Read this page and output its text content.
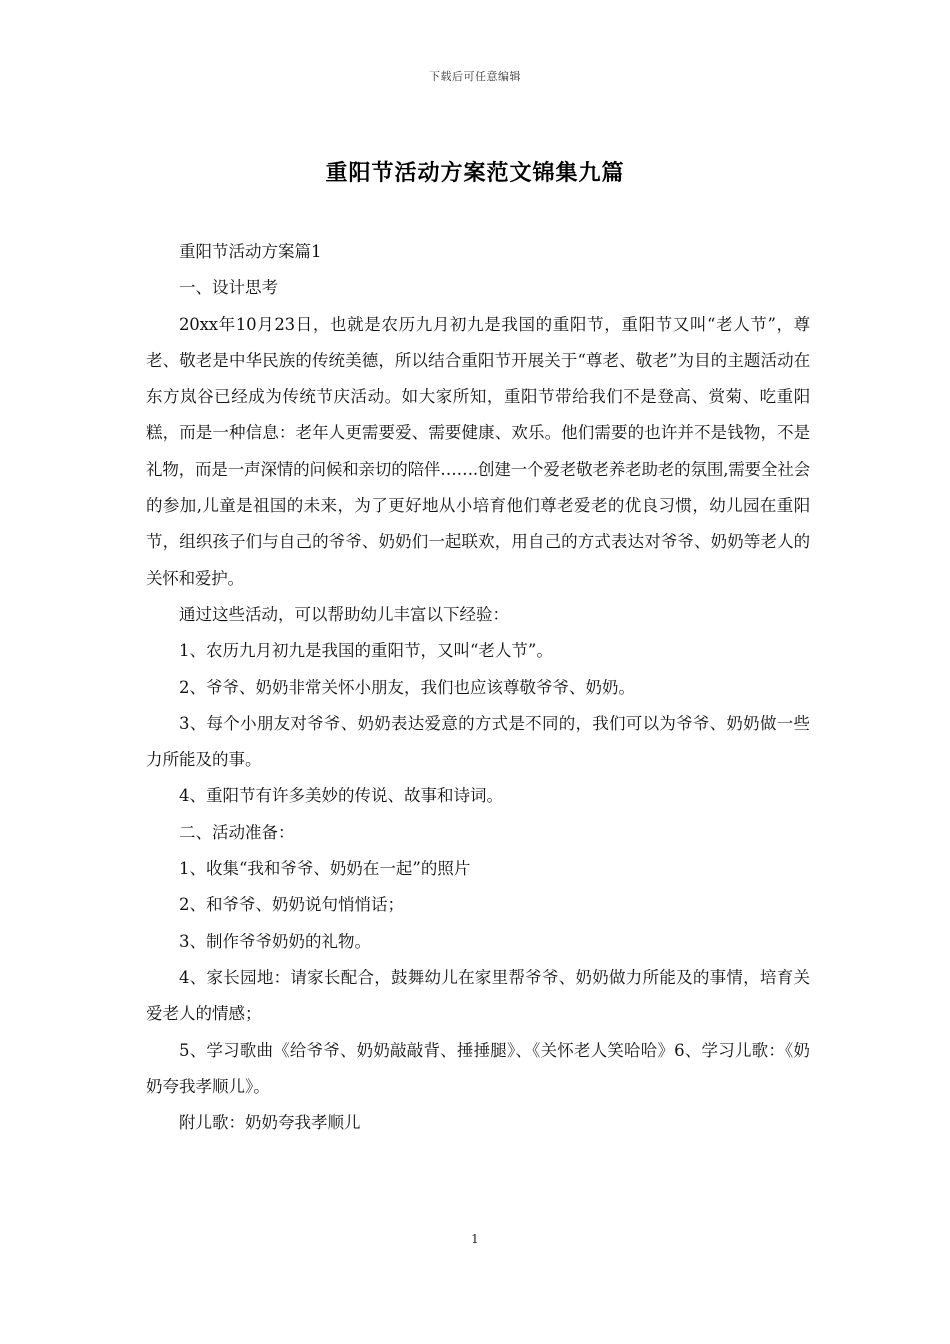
下载后可任意编辑
重阳节活动方案范文锦集九篇

重阳节活动方案篇1

一、设计思考

20xx年10月23日，也就是农历九月初九是我国的重阳节，重阳节又叫“老人节”，尊老、敬老是中华民族的传统美德，所以结合重阳节开展关于“尊老、敬老”为目的主题活动在东方岚谷已经成为传统节庆活动。如大家所知，重阳节带给我们不是登高、赏菊、吃重阳糕，而是一种信息：老年人更需要爱、需要健康、欢乐。他们需要的也许并不是钱物，不是礼物，而是一声深情的问候和亲切的陪伴…….创建一个爱老敬老养老助老的氛围,需要全社会的参加,儿童是祖国的未来，为了更好地从小培育他们尊老爱老的优良习惯，幼儿园在重阳节，组织孩子们与自己的爷爷、奶奶们一起联欢，用自己的方式表达对爷爷、奶奶等老人的关怀和爱护。

通过这些活动，可以帮助幼儿丰富以下经验：

1、农历九月初九是我国的重阳节，又叫“老人节”。

2、爷爷、奶奶非常关怀小朋友，我们也应该尊敬爷爷、奶奶。

3、每个小朋友对爷爷、奶奶表达爱意的方式是不同的，我们可以为爷爷、奶奶做一些力所能及的事。

4、重阳节有许多美妙的传说、故事和诗词。

二、活动准备：

1、收集“我和爷爷、奶奶在一起”的照片

2、和爷爷、奶奶说句悄悄话；

3、制作爷爷奶奶的礼物。

4、家长园地：请家长配合，鼓舞幼儿在家里帮爷爷、奶奶做力所能及的事情，培育关爱老人的情感；

5、学习歌曲《给爷爷、奶奶敲敲背、捶捶腿》、《关怀老人笑哈哈》6、学习儿歌：《奶奶夸我孝顺儿》。

附儿歌：奶奶夸我孝顺儿

1
